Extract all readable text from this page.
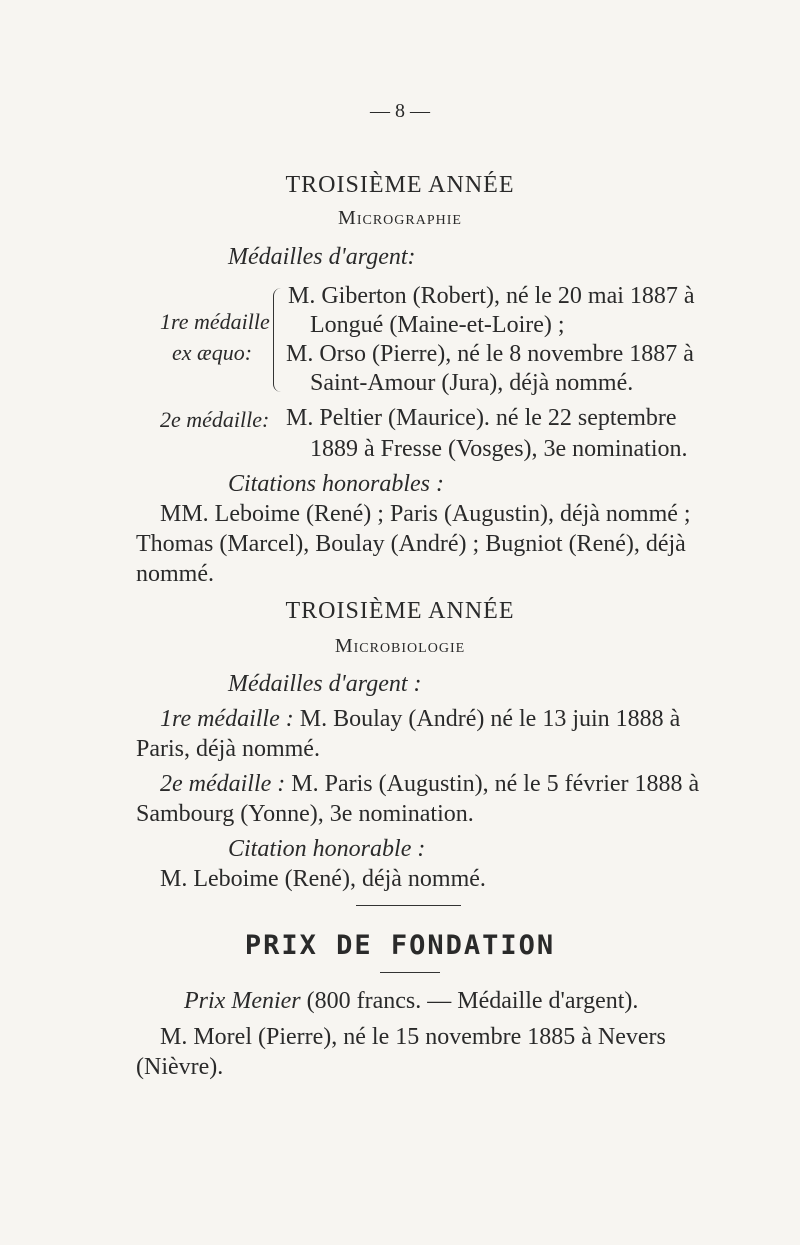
— 8 —
TROISIÈME ANNÉE
Micrographie
Médailles d'argent:
1re médaille
ex æquo:
M. Giberton (Robert), né le 20 mai 1887 à
Longué (Maine-et-Loire) ;
M. Orso (Pierre), né le 8 novembre 1887 à
Saint-Amour (Jura), déjà nommé.
2e médaille: M. Peltier (Maurice). né le 22 septembre
1889 à Fresse (Vosges), 3e nomination.
Citations honorables :
MM. Leboime (René) ; Paris (Augustin), déjà nommé ;
Thomas (Marcel), Boulay (André) ; Bugniot (René), déjà
nommé.
TROISIÈME ANNÉE
Microbiologie
Médailles d'argent :
1re médaille : M. Boulay (André) né le 13 juin 1888 à
Paris, déjà nommé.
2e médaille : M. Paris (Augustin), né le 5 février 1888 à
Sambourg (Yonne), 3e nomination.
Citation honorable :
M. Leboime (René), déjà nommé.
PRIX DE FONDATION
Prix Menier (800 francs. — Médaille d'argent).
M. Morel (Pierre), né le 15 novembre 1885 à Nevers
(Nièvre).
